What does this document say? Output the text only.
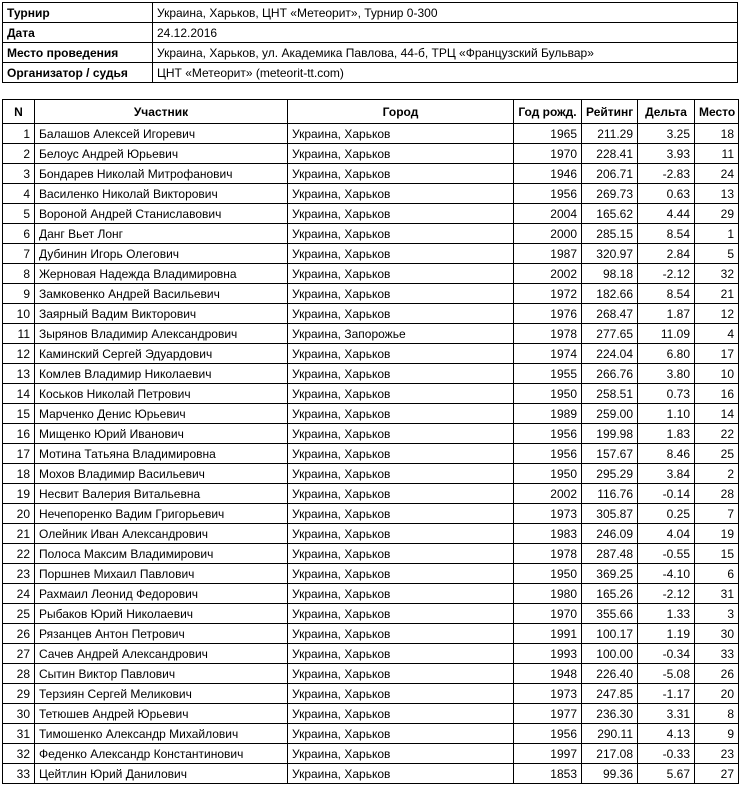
Турнир	Украина, Харьков, ЦНТ «Метеорит», Турнир 0-300
Дата	24.12.2016
Место проведения	Украина, Харьков, ул. Академика Павлова, 44-б, ТРЦ «Французский Бульвар»
Организатор / судья	ЦНТ «Метеорит» (meteorit-tt.com)
N	Участник	Город	Год рожд.	Рейтинг	Дельта	Место
1	Балашов Алексей Игоревич	Украина, Харьков	1965	211.29	3.25	18
2	Белоус Андрей Юрьевич	Украина, Харьков	1970	228.41	3.93	11
3	Бондарев Николай Митрофанович	Украина, Харьков	1946	206.71	-2.83	24
4	Василенко Николай Викторович	Украина, Харьков	1956	269.73	0.63	13
5	Вороной Андрей Станиславович	Украина, Харьков	2004	165.62	4.44	29
6	Данг Вьет Лонг	Украина, Харьков	2000	285.15	8.54	1
7	Дубинин Игорь Олегович	Украина, Харьков	1987	320.97	2.84	5
8	Жерновая Надежда Владимировна	Украина, Харьков	2002	98.18	-2.12	32
9	Замковенко Андрей Васильевич	Украина, Харьков	1972	182.66	8.54	21
10	Заярный Вадим Викторович	Украина, Харьков	1976	268.47	1.87	12
11	Зырянов Владимир Александрович	Украина, Запорожье	1978	277.65	11.09	4
12	Каминский Сергей Эдуардович	Украина, Харьков	1974	224.04	6.80	17
13	Комлев Владимир Николаевич	Украина, Харьков	1955	266.76	3.80	10
14	Коськов Николай Петрович	Украина, Харьков	1950	258.51	0.73	16
15	Марченко Денис Юрьевич	Украина, Харьков	1989	259.00	1.10	14
16	Мищенко Юрий Иванович	Украина, Харьков	1956	199.98	1.83	22
17	Мотина Татьяна Владимировна	Украина, Харьков	1956	157.67	8.46	25
18	Мохов Владимир Васильевич	Украина, Харьков	1950	295.29	3.84	2
19	Несвит Валерия Витальевна	Украина, Харьков	2002	116.76	-0.14	28
20	Нечепоренко Вадим Григорьевич	Украина, Харьков	1973	305.87	0.25	7
21	Олейник Иван Александрович	Украина, Харьков	1983	246.09	4.04	19
22	Полоса Максим Владимирович	Украина, Харьков	1978	287.48	-0.55	15
23	Поршнев Михаил Павлович	Украина, Харьков	1950	369.25	-4.10	6
24	Рахмаил Леонид Федорович	Украина, Харьков	1980	165.26	-2.12	31
25	Рыбаков Юрий Николаевич	Украина, Харьков	1970	355.66	1.33	3
26	Рязанцев Антон Петрович	Украина, Харьков	1991	100.17	1.19	30
27	Сачев Андрей Александрович	Украина, Харьков	1993	100.00	-0.34	33
28	Сытин Виктор Павлович	Украина, Харьков	1948	226.40	-5.08	26
29	Терзиян Сергей Меликович	Украина, Харьков	1973	247.85	-1.17	20
30	Тетюшев Андрей Юрьевич	Украина, Харьков	1977	236.30	3.31	8
31	Тимошенко Александр Михайлович	Украина, Харьков	1956	290.11	4.13	9
32	Феденко Александр Константинович	Украина, Харьков	1997	217.08	-0.33	23
33	Цейтлин Юрий Данилович	Украина, Харьков	1853	99.36	5.67	27
